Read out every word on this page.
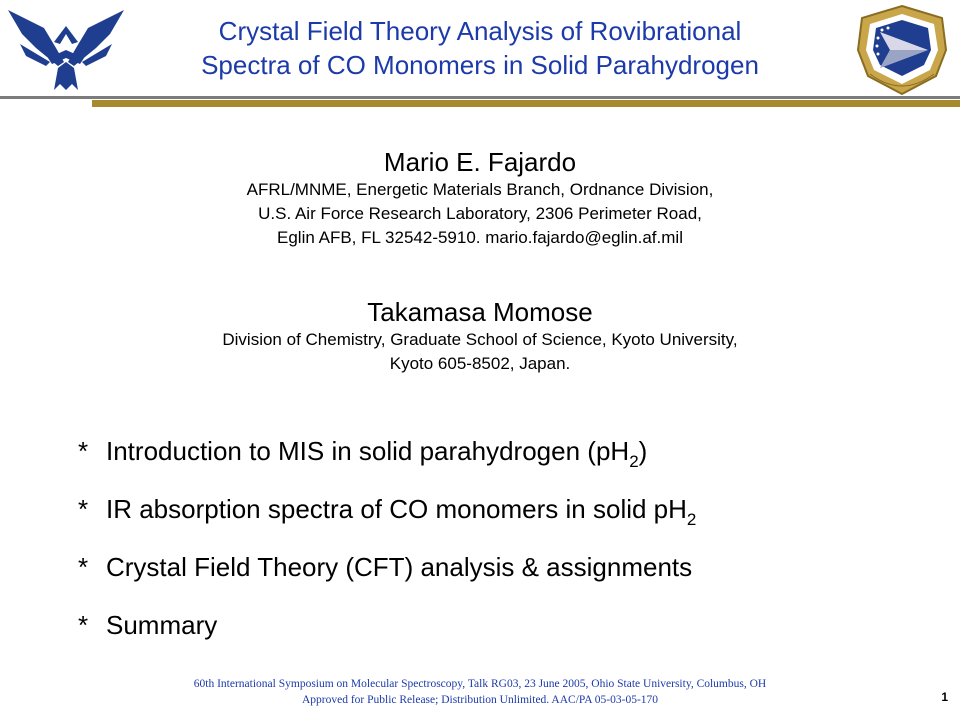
Crystal Field Theory Analysis of Rovibrational
Spectra of CO Monomers in Solid Parahydrogen
Mario E. Fajardo
AFRL/MNME, Energetic Materials Branch, Ordnance Division,
U.S. Air Force Research Laboratory, 2306 Perimeter Road,
Eglin AFB, FL 32542-5910. mario.fajardo@eglin.af.mil
Takamasa Momose
Division of Chemistry, Graduate School of Science, Kyoto University,
Kyoto 605-8502, Japan.
* Introduction to MIS in solid parahydrogen $(pH_2)$
* IR absorption spectra of CO monomers in solid $pH_2$
* Crystal Field Theory (CFT) analysis & assignments
* Summary
60th International Symposium on Molecular Spectroscopy, Talk RG03, 23 June 2005, Ohio State University, Columbus, OH
Approved for Public Release; Distribution Unlimited. AAC/PA 05-03-05-170	1
